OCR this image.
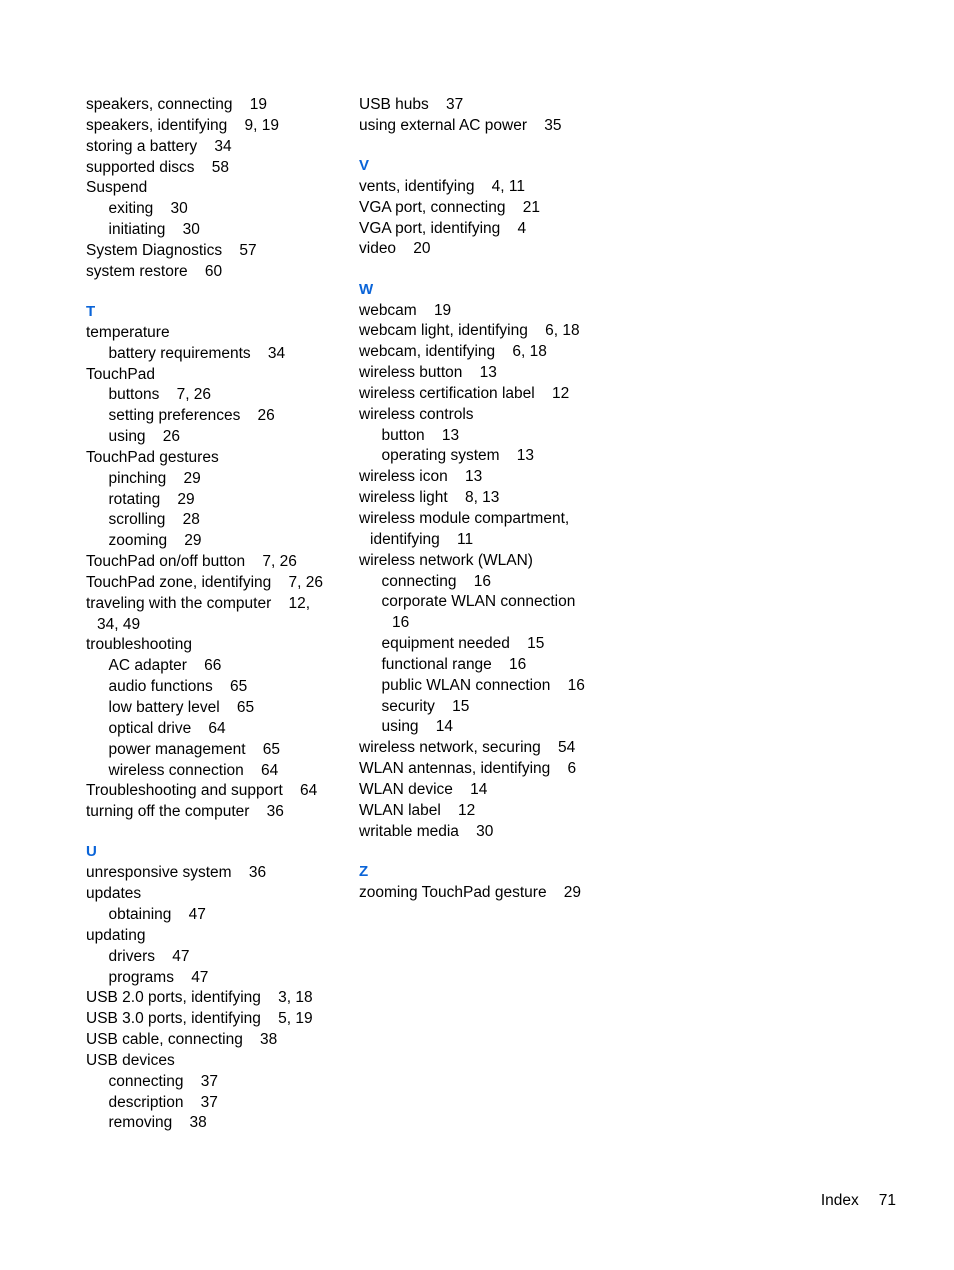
speakers, connecting    19
speakers, identifying    9, 19
storing a battery    34
supported discs    58
Suspend
exiting    30
initiating    30
System Diagnostics    57
system restore    60
T
temperature
battery requirements    34
TouchPad
buttons    7, 26
setting preferences    26
using    26
TouchPad gestures
pinching    29
rotating    29
scrolling    28
zooming    29
TouchPad on/off button    7, 26
TouchPad zone, identifying    7, 26
traveling with the computer    12,
34, 49
troubleshooting
AC adapter    66
audio functions    65
low battery level    65
optical drive    64
power management    65
wireless connection    64
Troubleshooting and support    64
turning off the computer    36
U
unresponsive system    36
updates
obtaining    47
updating
drivers    47
programs    47
USB 2.0 ports, identifying    3, 18
USB 3.0 ports, identifying    5, 19
USB cable, connecting    38
USB devices
connecting    37
description    37
removing    38
USB hubs    37
using external AC power    35
V
vents, identifying    4, 11
VGA port, connecting    21
VGA port, identifying    4
video    20
W
webcam    19
webcam light, identifying    6, 18
webcam, identifying    6, 18
wireless button    13
wireless certification label    12
wireless controls
button    13
operating system    13
wireless icon    13
wireless light    8, 13
wireless module compartment,
identifying    11
wireless network (WLAN)
connecting    16
corporate WLAN connection
16
equipment needed    15
functional range    16
public WLAN connection    16
security    15
using    14
wireless network, securing    54
WLAN antennas, identifying    6
WLAN device    14
WLAN label    12
writable media    30
Z
zooming TouchPad gesture    29
Index 71
